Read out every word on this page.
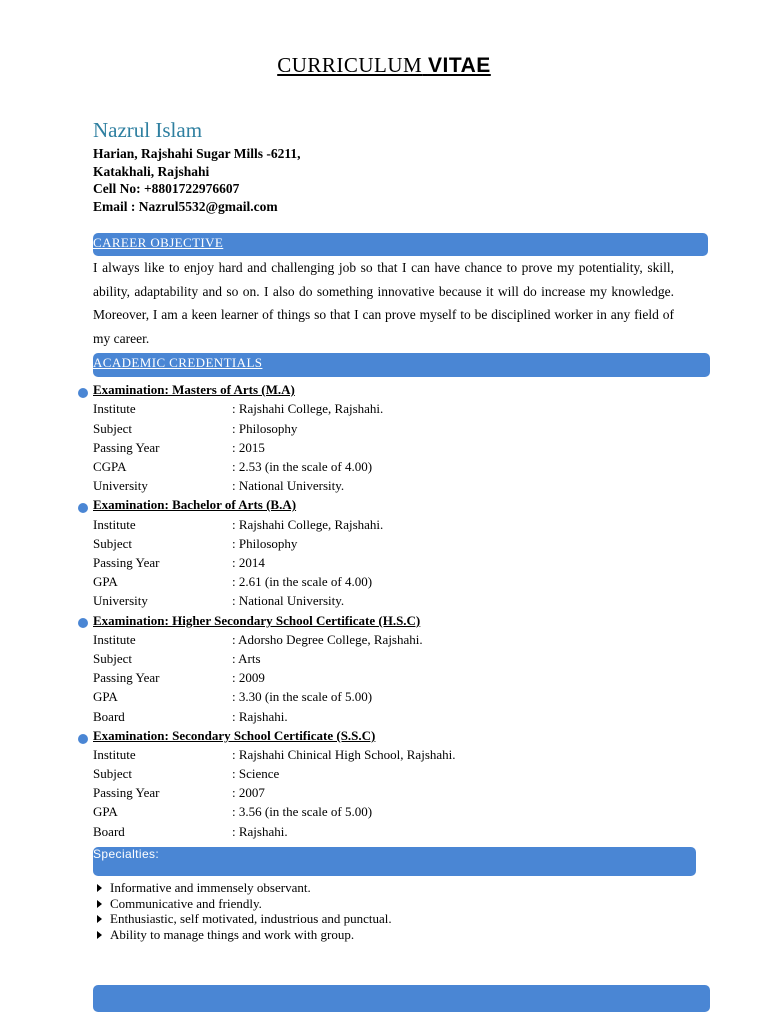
CURRICULUM VITAE
Nazrul Islam
Harian, Rajshahi Sugar Mills -6211,
Katakhali, Rajshahi
Cell No: +8801722976607
Email : Nazrul5532@gmail.com
CAREER OBJECTIVE
I always like to enjoy hard and challenging job so that I can have chance to prove my potentiality, skill, ability, adaptability and so on. I also do something innovative because it will do increase my knowledge. Moreover, I am a keen learner of things so that I can prove myself to be disciplined worker in any field of my career.
ACADEMIC CREDENTIALS
Examination: Masters of Arts (M.A)
Institute	: Rajshahi College, Rajshahi.
Subject	: Philosophy
Passing Year	: 2015
CGPA	: 2.53 (in the scale of 4.00)
University	: National University.
Examination: Bachelor of Arts (B.A)
Institute	: Rajshahi College, Rajshahi.
Subject	: Philosophy
Passing Year	: 2014
GPA	: 2.61 (in the scale of 4.00)
University	: National University.
Examination: Higher Secondary School Certificate (H.S.C)
Institute	: Adorsho Degree College, Rajshahi.
Subject	: Arts
Passing Year	: 2009
GPA	: 3.30 (in the scale of 5.00)
Board	: Rajshahi.
Examination: Secondary School Certificate (S.S.C)
Institute	: Rajshahi Chinical High School, Rajshahi.
Subject	: Science
Passing Year	: 2007
GPA	: 3.56 (in the scale of 5.00)
Board	: Rajshahi.
Specialties:
Informative and immensely observant.
Communicative and friendly.
Enthusiastic, self motivated, industrious and punctual.
Ability to manage things and work with group.
